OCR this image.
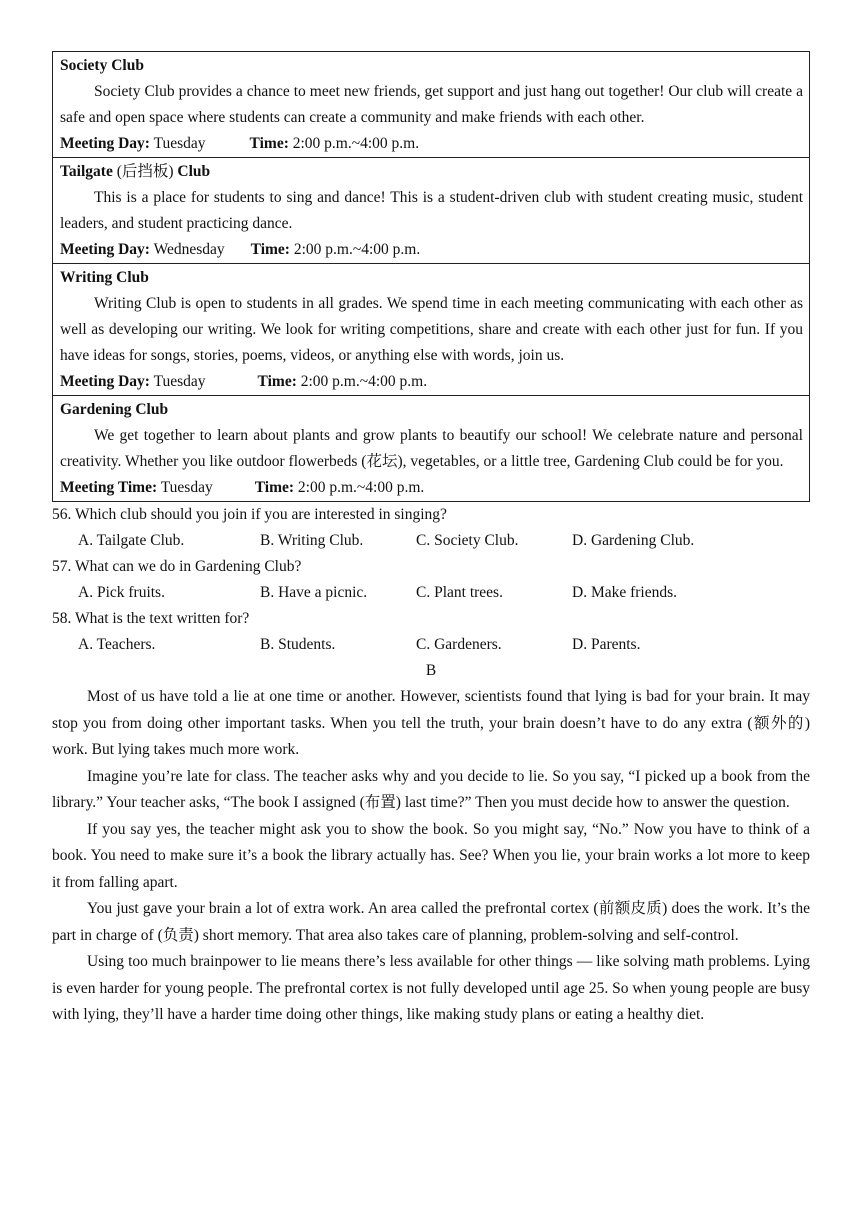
Society Club

Society Club provides a chance to meet new friends, get support and just hang out together! Our club will create a safe and open space where students can create a community and make friends with each other.

Meeting Day: Tuesday	Time: 2:00 p.m.~4:00 p.m.

Tailgate (后挡板) Club

This is a place for students to sing and dance! This is a student-driven club with student creating music, student leaders, and student practicing dance.

Meeting Day: Wednesday Time: 2:00 p.m.~4:00 p.m.

Writing Club

Writing Club is open to students in all grades. We spend time in each meeting communicating with each other as well as developing our writing. We look for writing competitions, share and create with each other just for fun. If you have ideas for songs, stories, poems, videos, or anything else with words, join us.

Meeting Day: Tuesday	Time: 2:00 p.m.~4:00 p.m.

Gardening Club

We get together to learn about plants and grow plants to beautify our school! We celebrate nature and personal creativity. Whether you like outdoor flowerbeds (花坛), vegetables, or a little tree, Gardening Club could be for you.

Meeting Time: Tuesday	Time: 2:00 p.m.~4:00 p.m.
56. Which club should you join if you are interested in singing?
A. Tailgate Club.	B. Writing Club.	C. Society Club.	D. Gardening Club.
57. What can we do in Gardening Club?
A. Pick fruits.	B. Have a picnic.	C. Plant trees.	D. Make friends.
58. What is the text written for?
A. Teachers.	B. Students.	C. Gardeners.	D. Parents.
B

Most of us have told a lie at one time or another. However, scientists found that lying is bad for your brain. It may stop you from doing other important tasks. When you tell the truth, your brain doesn’t have to do any extra (额外的) work. But lying takes much more work.

Imagine you’re late for class. The teacher asks why and you decide to lie. So you say, “I picked up a book from the library.” Your teacher asks, “The book I assigned (布置) last time?” Then you must decide how to answer the question.

If you say yes, the teacher might ask you to show the book. So you might say, “No.” Now you have to think of a book. You need to make sure it’s a book the library actually has. See? When you lie, your brain works a lot more to keep it from falling apart.

You just gave your brain a lot of extra work. An area called the prefrontal cortex (前额皮质) does the work. It’s the part in charge of (负责) short memory. That area also takes care of planning, problem-solving and self-control.

Using too much brainpower to lie means there’s less available for other things — like solving math problems. Lying is even harder for young people. The prefrontal cortex is not fully developed until age 25. So when young people are busy with lying, they’ll have a harder time doing other things, like making study plans or eating a healthy diet.
